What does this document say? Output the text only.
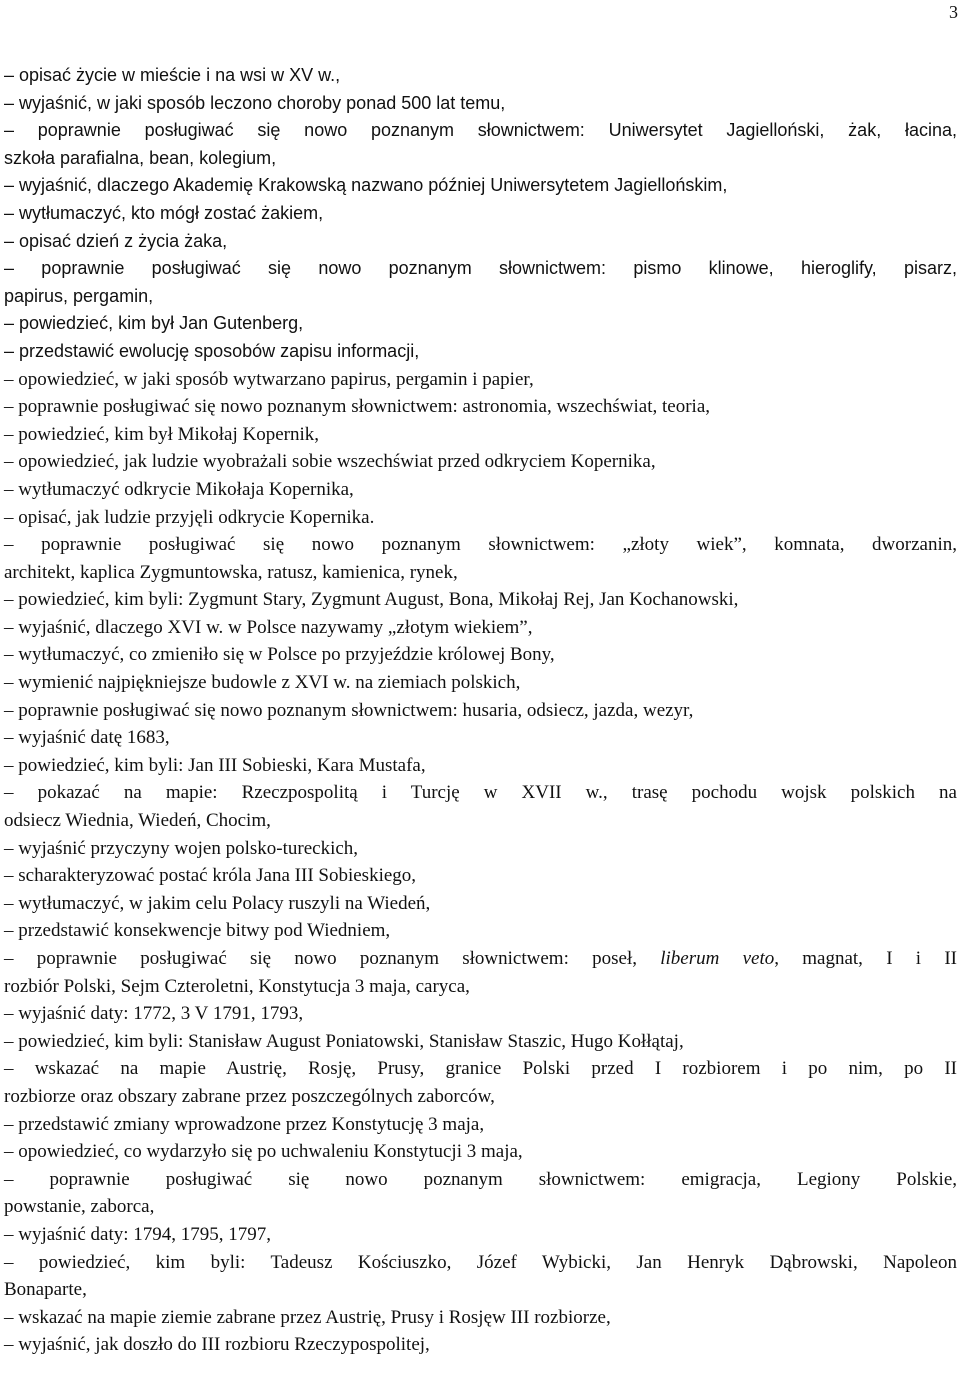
3
– opisać życie w mieście i na wsi w XV w.,
– wyjaśnić, w jaki sposób leczono choroby ponad 500 lat temu,
– poprawnie posługiwać się nowo poznanym słownictwem: Uniwersytet Jagielloński, żak, łacina,
szkoła parafialna, bean, kolegium,
– wyjaśnić, dlaczego Akademię Krakowską nazwano później Uniwersytetem Jagiellońskim,
– wytłumaczyć, kto mógł zostać żakiem,
– opisać dzień z życia żaka,
– poprawnie posługiwać się nowo poznanym słownictwem: pismo klinowe, hieroglify, pisarz,
papirus, pergamin,
– powiedzieć, kim był Jan Gutenberg,
– przedstawić ewolucję sposobów zapisu informacji,
– opowiedzieć, w jaki sposób wytwarzano papirus, pergamin i papier,
– poprawnie posługiwać się nowo poznanym słownictwem: astronomia, wszechświat, teoria,
– powiedzieć, kim był Mikołaj Kopernik,
– opowiedzieć, jak ludzie wyobrażali sobie wszechświat przed odkryciem Kopernika,
– wytłumaczyć odkrycie Mikołaja Kopernika,
– opisać, jak ludzie przyjęli odkrycie Kopernika.
– poprawnie posługiwać się nowo poznanym słownictwem: „złoty wiek”, komnata, dworzanin,
architekt, kaplica Zygmuntowska, ratusz, kamienica, rynek,
– powiedzieć, kim byli: Zygmunt Stary, Zygmunt August, Bona, Mikołaj Rej, Jan Kochanowski,
– wyjaśnić, dlaczego XVI w. w Polsce nazywamy „złotym wiekiem”,
– wytłumaczyć, co zmieniło się w Polsce po przyjeździe królowej Bony,
– wymienić najpiękniejsze budowle z XVI w. na ziemiach polskich,
– poprawnie posługiwać się nowo poznanym słownictwem: husaria, odsiecz, jazda, wezyr,
– wyjaśnić datę 1683,
– powiedzieć, kim byli: Jan III Sobieski, Kara Mustafa,
– pokazać na mapie: Rzeczpospolitą i Turcję w XVII w., trasę pochodu wojsk polskich na
odsiecz Wiednia, Wiedeń, Chocim,
– wyjaśnić przyczyny wojen polsko-tureckich,
– scharakteryzować postać króla Jana III Sobieskiego,
– wytłumaczyć, w jakim celu Polacy ruszyli na Wiedeń,
– przedstawić konsekwencje bitwy pod Wiedniem,
– poprawnie posługiwać się nowo poznanym słownictwem: poseł, liberum veto, magnat, I i II
rozbiór Polski, Sejm Czteroletni, Konstytucja 3 maja, caryca,
– wyjaśnić daty: 1772, 3 V 1791, 1793,
– powiedzieć, kim byli: Stanisław August Poniatowski, Stanisław Staszic, Hugo Kołłątaj,
– wskazać na mapie Austrię, Rosję, Prusy, granice Polski przed I rozbiorem i po nim, po II
rozbiorze oraz obszary zabrane przez poszczególnych zaborców,
– przedstawić zmiany wprowadzone przez Konstytucję 3 maja,
– opowiedzieć, co wydarzyło się po uchwaleniu Konstytucji 3 maja,
– poprawnie posługiwać się nowo poznanym słownictwem: emigracja, Legiony Polskie,
powstanie, zaborca,
– wyjaśnić daty: 1794, 1795, 1797,
– powiedzieć, kim byli: Tadeusz Kościuszko, Józef Wybicki, Jan Henryk Dąbrowski, Napoleon
Bonaparte,
– wskazać na mapie ziemie zabrane przez Austrię, Prusy i Rosjęw III rozbiorze,
– wyjaśnić, jak doszło do III rozbioru Rzeczypospolitej,
